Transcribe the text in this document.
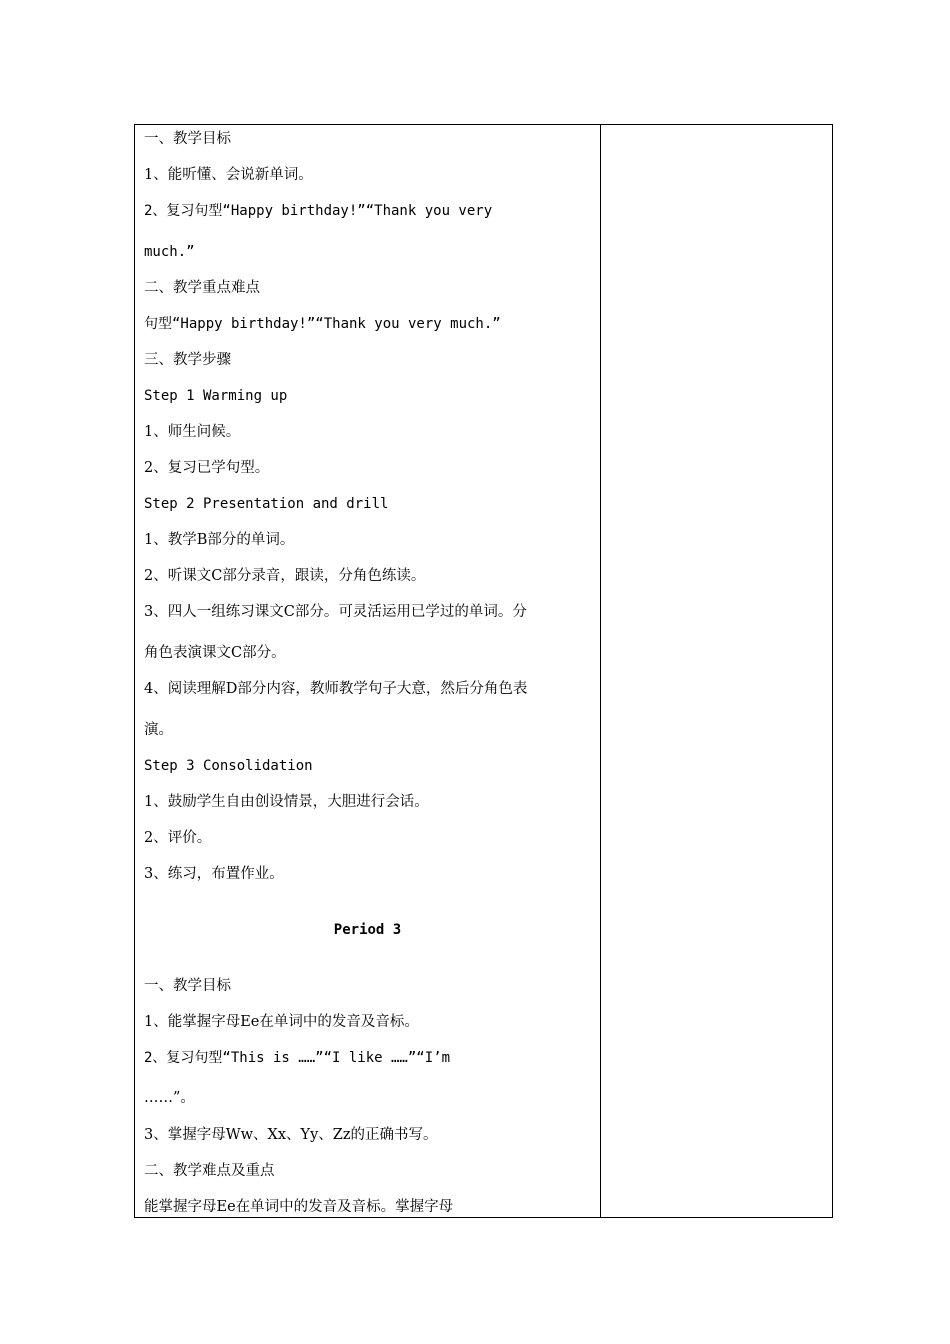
一、教学目标
1、能听懂、会说新单词。
2、复习句型“Happy birthday!”“Thank you very
much.”
二、教学重点难点
句型“Happy birthday!”“Thank you very much.”
三、教学步骤
Step 1 Warming up
1、师生问候。
2、复习已学句型。
Step 2 Presentation and drill
1、教学B部分的单词。
2、听课文C部分录音，跟读，分角色练读。
3、四人一组练习课文C部分。可灵活运用已学过的单词。分
角色表演课文C部分。
4、阅读理解D部分内容，教师教学句子大意，然后分角色表
演。
Step 3 Consolidation
1、鼓励学生自由创设情景，大胆进行会话。
2、评价。
3、练习，布置作业。
Period 3
一、教学目标
1、能掌握字母Ee在单词中的发音及音标。
2、复习句型“This is ……”“I like ……”“I’m
……”。
3、掌握字母Ww、Xx、Yy、Zz的正确书写。
二、教学难点及重点
能掌握字母Ee在单词中的发音及音标。掌握字母
